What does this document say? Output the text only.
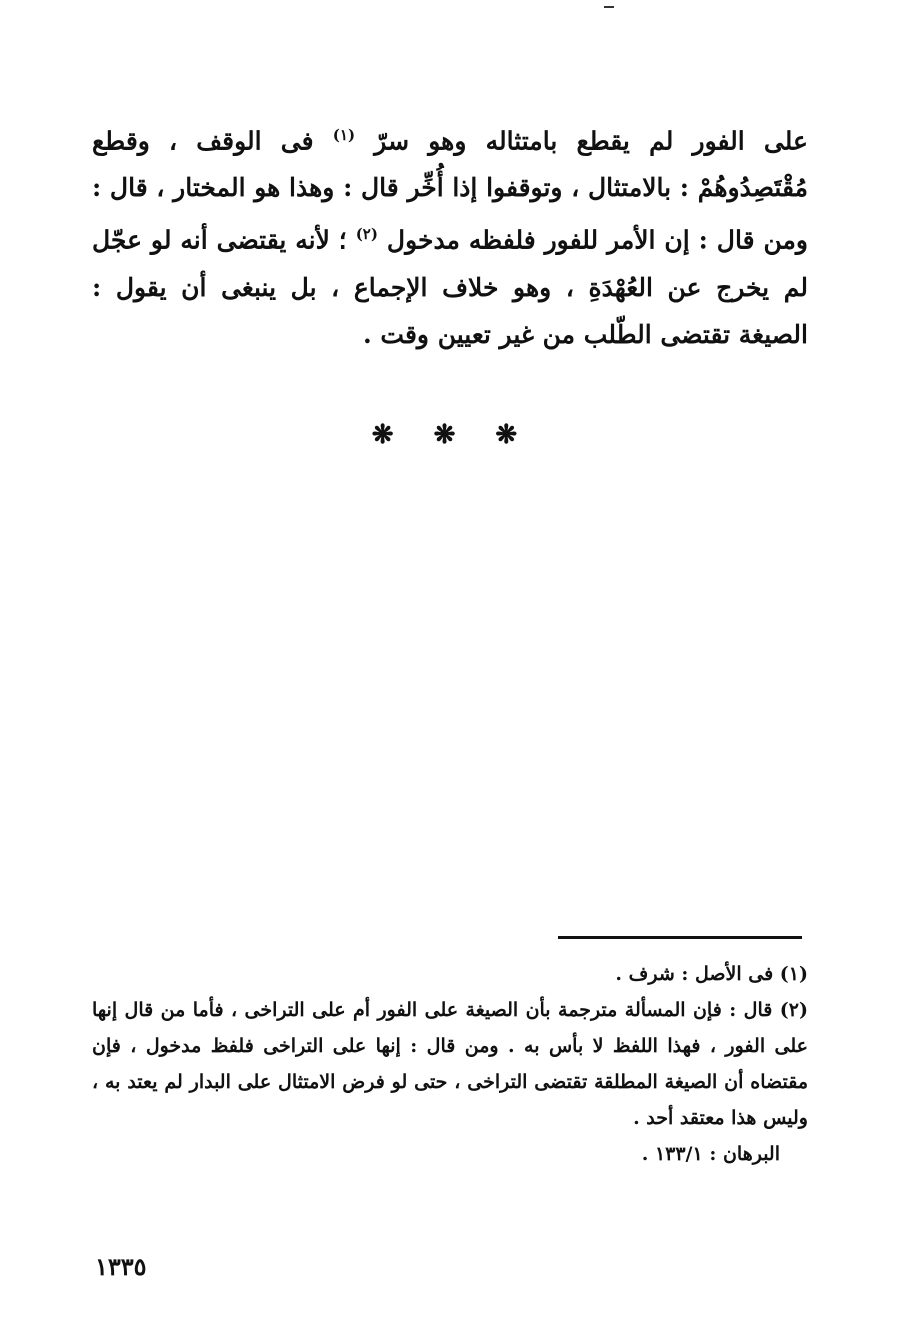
على الفور لم يقطع بامتثاله وهو سرّ $^{(١)}$ فى الوقف ، وقطع مُقْتَصِدُوهُمْ : بالامتثال ، وتوقفوا إذا أُخِّر قال : وهذا هو المختار ، قال : ومن قال : إن الأمر للفور فلفظه مدخول $^{(٢)}$ ؛ لأنه يقتضى أنه لو عجّل لم يخرج عن العُهْدَةِ ، وهو خلاف الإجماع ، بل ينبغى أن يقول : الصيغة تقتضى الطّلب من غير تعيين وقت .
❋ ❋ ❋

(١) فى الأصل : شرف .

(٢) قال : فإن المسألة مترجمة بأن الصيغة على الفور أم على التراخى ، فأما من قال إنها على الفور ، فهذا اللفظ لا بأس به . ومن قال : إنها على التراخى فلفظ مدخول ، فإن مقتضاه أن الصيغة المطلقة تقتضى التراخى ، حتى لو فرض الامتثال على البدار لم يعتد به ، وليس هذا معتقد أحد .

البرهان : ١٣٣/١ .

١٣٣٥
